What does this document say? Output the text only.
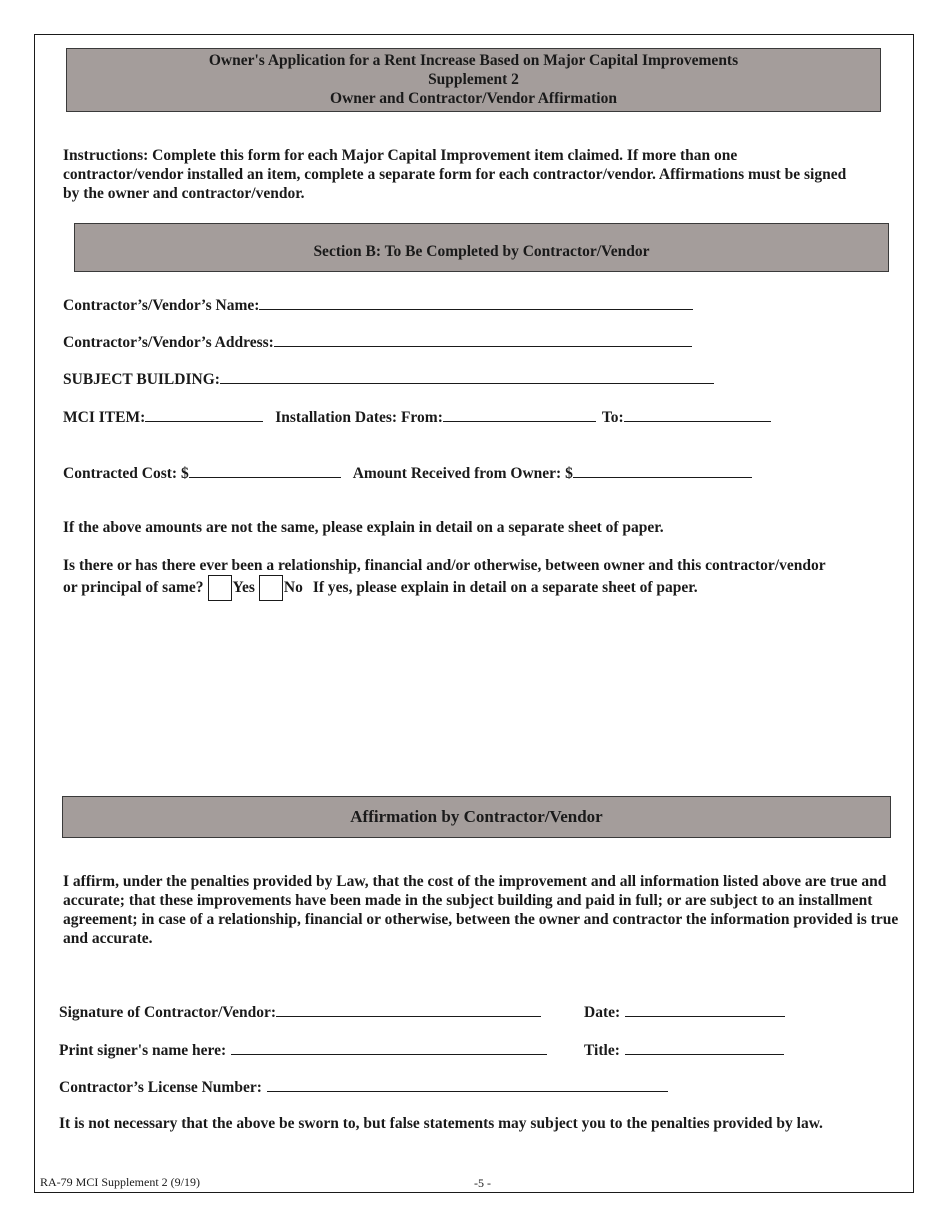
Owner's Application for a Rent Increase Based on Major Capital Improvements
Supplement 2
Owner and Contractor/Vendor Affirmation
Instructions: Complete this form for each Major Capital Improvement item claimed. If more than one contractor/vendor installed an item, complete a separate form for each contractor/vendor. Affirmations must be signed by the owner and contractor/vendor.
Section B: To Be Completed by Contractor/Vendor
Contractor’s/Vendor’s Name:
Contractor’s/Vendor’s Address:
SUBJECT BUILDING:
MCI ITEM:	Installation Dates: From:	To:
Contracted Cost: $	Amount Received from Owner: $
If the above amounts are not the same, please explain in detail on a separate sheet of paper.
Is there or has there ever been a relationship, financial and/or otherwise, between owner and this contractor/vendor
or principal of same? Yes No If yes, please explain in detail on a separate sheet of paper.
Affirmation by Contractor/Vendor
I affirm, under the penalties provided by Law, that the cost of the improvement and all information listed above are true and accurate; that these improvements have been made in the subject building and paid in full; or are subject to an installment agreement; in case of a relationship, financial or otherwise, between the owner and contractor the information provided is true and accurate.
Signature of Contractor/Vendor:	Date:
Print signer's name here:	Title:
Contractor’s License Number:
It is not necessary that the above be sworn to, but false statements may subject you to the penalties provided by law.
RA-79 MCI Supplement 2 (9/19)	-5 -
